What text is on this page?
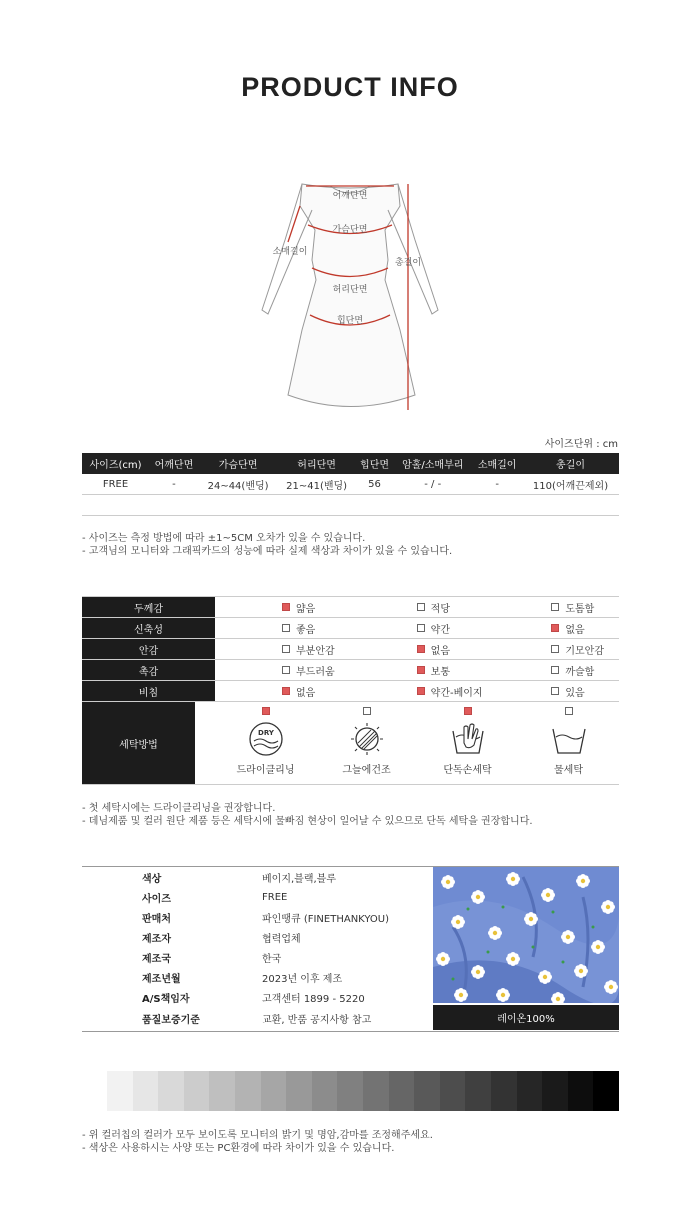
PRODUCT INFO
어깨단면
가슴단면
소매길이
총길이
허리단면
힙단면
사이즈단위 : cm
사이즈(cm)	어깨단면	가슴단면	허리단면	힙단면	암홀/소매부리	소매길이	총길이
FREE	-	24~44(밴딩)	21~41(밴딩)	56	- / -	-	110(어깨끈제외)

- 사이즈는 측정 방법에 따라 ±1~5CM 오차가 있을 수 있습니다.
- 고객님의 모니터와 그래픽카드의 성능에 따라 실제 색상과 차이가 있을 수 있습니다.
두께감	얇음	적당	도톰함
신축성	좋음	약간	없음
안감	부분안감	없음	기모안감
촉감	부드러움	보통	까슬함
비침	없음	약간-베이지	있음
세탁방법
DRY
드라이클리닝	그늘에건조	단독손세탁	물세탁
- 첫 세탁시에는 드라이클리닝을 권장합니다.
- 데님제품 및 컬러 원단 제품 등은 세탁시에 물빠짐 현상이 일어날 수 있으므로 단독 세탁을 권장합니다.
색상	베이지,블랙,블루
사이즈	FREE
판매처	파인땡큐 (FINETHANKYOU)
제조자	협력업체
제조국	한국
제조년월	2023년 이후 제조
A/S책임자	고객센터 1899 - 5220
품질보증기준	교환, 반품 공지사항 참고	레이온100%
- 위 컬러칩의 컬러가 모두 보이도록 모니터의 밝기 및 명암,감마를 조정해주세요.
- 색상은 사용하시는 사양 또는 PC환경에 따라 차이가 있을 수 있습니다.
